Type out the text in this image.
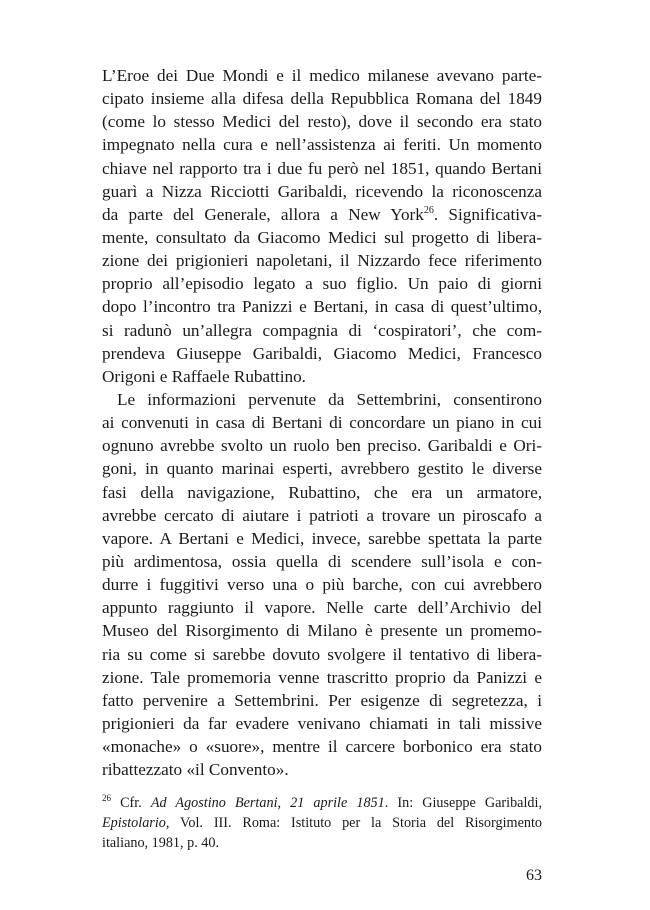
L’Eroe dei Due Mondi e il medico milanese avevano parte-
cipato insieme alla difesa della Repubblica Romana del 1849
(come lo stesso Medici del resto), dove il secondo era stato
impegnato nella cura e nell’assistenza ai feriti. Un momento
chiave nel rapporto tra i due fu però nel 1851, quando Bertani
guarì a Nizza Ricciotti Garibaldi, ricevendo la riconoscenza
da parte del Generale, allora a New York$^{26}$. Significativa-
mente, consultato da Giacomo Medici sul progetto di libera-
zione dei prigionieri napoletani, il Nizzardo fece riferimento
proprio all’episodio legato a suo figlio. Un paio di giorni
dopo l’incontro tra Panizzi e Bertani, in casa di quest’ultimo,
si radunò un’allegra compagnia di ‘cospiratori’, che com-
prendeva Giuseppe Garibaldi, Giacomo Medici, Francesco
Origoni e Raffaele Rubattino.
Le informazioni pervenute da Settembrini, consentirono
ai convenuti in casa di Bertani di concordare un piano in cui
ognuno avrebbe svolto un ruolo ben preciso. Garibaldi e Ori-
goni, in quanto marinai esperti, avrebbero gestito le diverse
fasi della navigazione, Rubattino, che era un armatore,
avrebbe cercato di aiutare i patrioti a trovare un piroscafo a
vapore. A Bertani e Medici, invece, sarebbe spettata la parte
più ardimentosa, ossia quella di scendere sull’isola e con-
durre i fuggitivi verso una o più barche, con cui avrebbero
appunto raggiunto il vapore. Nelle carte dell’Archivio del
Museo del Risorgimento di Milano è presente un promemo-
ria su come si sarebbe dovuto svolgere il tentativo di libera-
zione. Tale promemoria venne trascritto proprio da Panizzi e
fatto pervenire a Settembrini. Per esigenze di segretezza, i
prigionieri da far evadere venivano chiamati in tali missive
«monache» o «suore», mentre il carcere borbonico era stato
ribattezzato «il Convento».
$^{26}$ Cfr. Ad Agostino Bertani, 21 aprile 1851. In: Giuseppe Garibaldi,
Epistolario, Vol. III. Roma: Istituto per la Storia del Risorgimento
italiano, 1981, p. 40.
63
